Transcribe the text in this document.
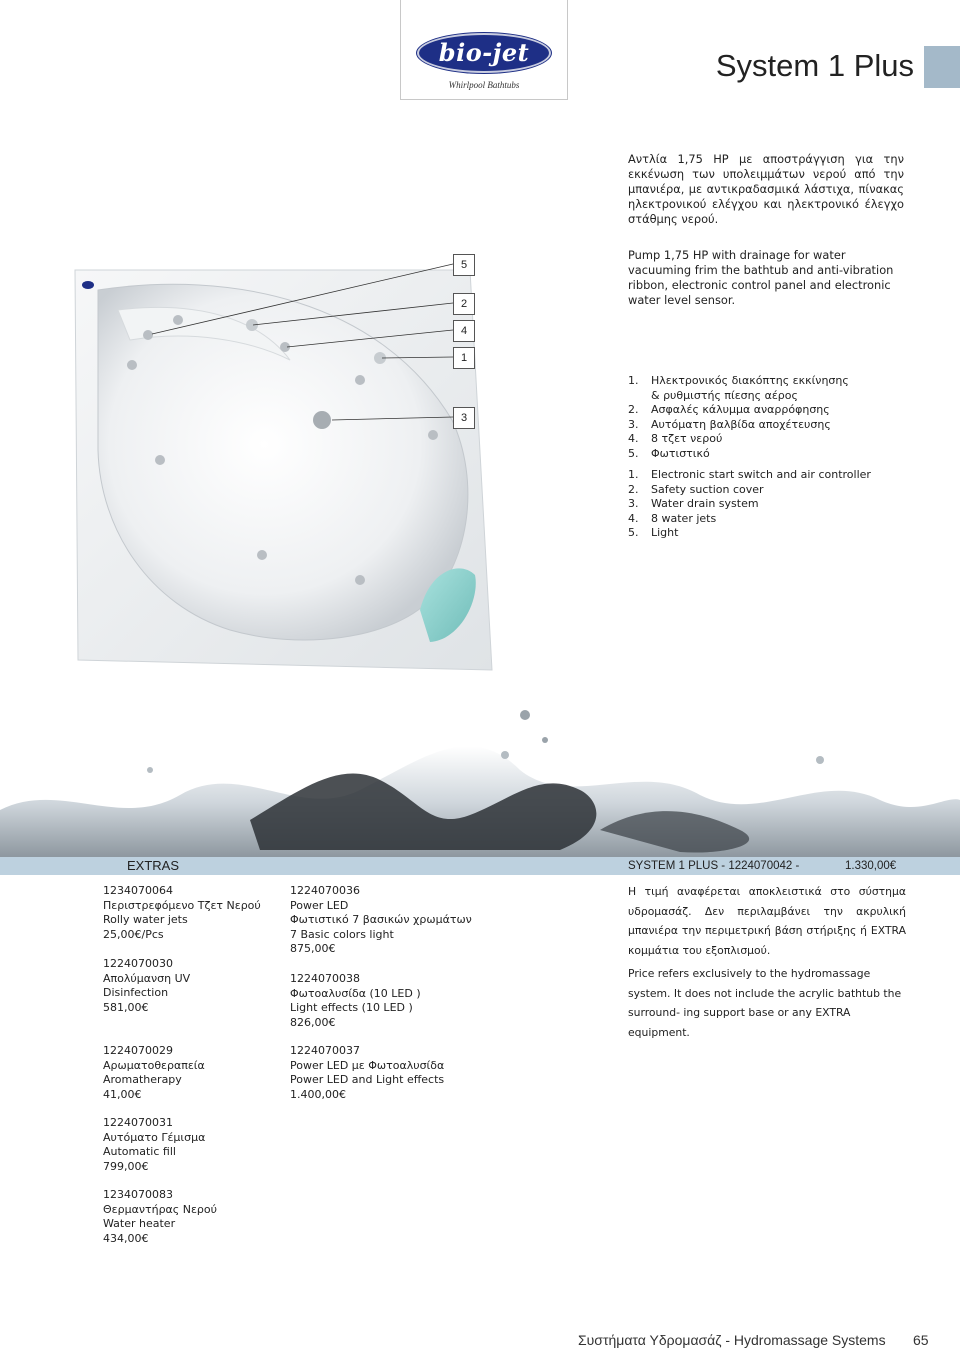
bio-jet
Whirlpool Bathtubs
System 1 Plus
Αντλία 1,75 HP με αποστράγγιση για την εκκένωση των υπολειμμάτων νερού από την μπανιέρα, με αντικραδασμικά λάστιχα, πίνακας ηλεκτρονικού ελέγχου και ηλεκτρονικό έλεγχο στάθμης νερού.
Pump 1,75 HP with drainage for water vacuuming frim the bathtub and anti-vibration ribbon, electronic control panel and electronic water level sensor.
5
2
4
1
3
1.	Ηλεκτρονικός διακόπτης εκκίνησης
& ρυθμιστής πίεσης αέρος
2.	Ασφαλές κάλυμμα αναρρόφησης
3.	Αυτόματη βαλβίδα αποχέτευσης
4.	8 τζετ νερού
5.	Φωτιστικό
1.	Electronic start switch and air controller
2.	Safety suction cover
3.	Water drain system
4.	8 water jets
5.	Light
EXTRAS	SYSTEM 1 PLUS - 1224070042 -	1.330,00€
1234070064
Περιστρεφόμενο Τζετ Νερού
Rolly water jets
25,00€/Pcs
1224070030
Απολύμανση UV
Disinfection
581,00€
1224070029
Αρωματοθεραπεία
Aromatherapy
41,00€
1224070031
Αυτόματο Γέμισμα
Automatic fill
799,00€
1234070083
Θερμαντήρας Νερού
Water heater
434,00€
1224070036
Power LED
Φωτιστικό 7 βασικών χρωμάτων
7 Basic colors light
875,00€
1224070038
Φωτοαλυσίδα (10 LED )
Light effects (10 LED )
826,00€
1224070037
Power LED με Φωτοαλυσίδα
Power LED and Light effects
1.400,00€
Η τιμή αναφέρεται αποκλειστικά στο σύστημα υδρομασάζ. Δεν περιλαμβάνει την ακρυλική μπανιέρα την περιμετρική βάση στήριξης ή EXTRA κομμάτια του εξοπλισμού.
Price refers exclusively to the hydromassage system. It does not include the acrylic bathtub the surround- ing support base or any EXTRA equipment.
Συστήματα Υδρομασάζ - Hydromassage Systems 65
